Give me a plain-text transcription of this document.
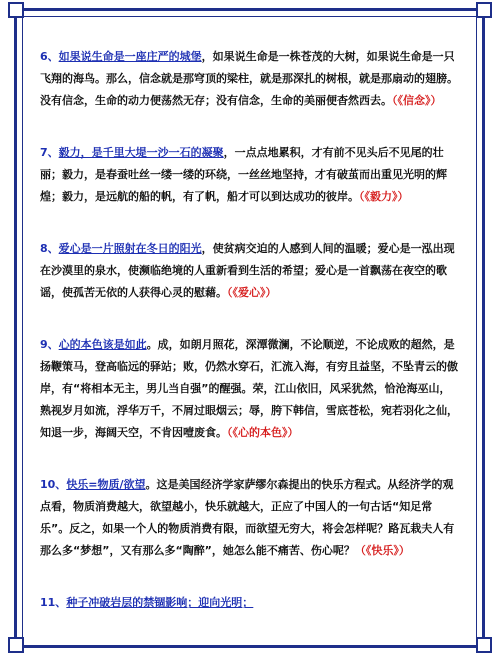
6、如果说生命是一座庄严的城堡，如果说生命是一株苍茂的大树，如果说生命是一只飞翔的海鸟。那么，信念就是那穹顶的梁柱，就是那深扎的树根，就是那扇动的翅膀。没有信念，生命的动力便荡然无存；没有信念，生命的美丽便杳然西去。（《信念》）

7、毅力，是千里大堤一沙一石的凝聚，一点点地累积，才有前不见头后不见尾的壮丽；毅力，是春蚕吐丝一缕一缕的环绕，一丝丝地坚持，才有破茧而出重见光明的辉煌；毅力，是远航的船的帆，有了帆，船才可以到达成功的彼岸。（《毅力》）

8、爱心是一片照射在冬日的阳光，使贫病交迫的人感到人间的温暖；爱心是一泓出现在沙漠里的泉水，使濒临绝境的人重新看到生活的希望；爱心是一首飘荡在夜空的歌谣，使孤苦无依的人获得心灵的慰藉。（《爱心》）

9、心的本色该是如此。成，如朗月照花，深潭微澜，不论顺逆，不论成败的超然，是扬鞭策马，登高临远的驿站；败，仍然水穿石，汇流入海，有穷且益坚，不坠青云的傲岸，有“将相本无主，男儿当自强”的醒强。荣，江山依旧，风采犹然，恰沧海巫山，熟视岁月如流，浮华万千，不屑过眼烟云；辱，胯下韩信，雪底苍松，宛若羽化之仙，知退一步，海阔天空，不肯因噎废食。（《心的本色》）

10、快乐=物质/欲望。这是美国经济学家萨缪尔森提出的快乐方程式。从经济学的观点看，物质消费越大，欲望越小，快乐就越大，正应了中国人的一句古话“知足常乐”。反之，如果一个人的物质消费有限，而欲望无穷大，将会怎样呢？路瓦栽夫人有那么多“梦想”，又有那么多“陶醉”，她怎么能不痛苦、伤心呢？（《快乐》）

11、种子冲破岩层的禁锢影响；迎向光明；
